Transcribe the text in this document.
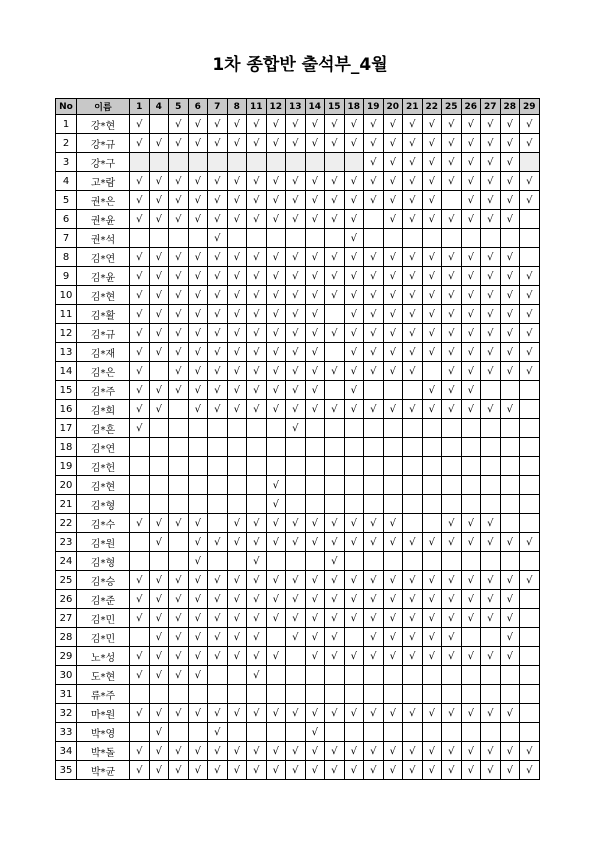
1차 종합반 출석부_4월
No	이름	1	4	5	6	7	8	11	12	13	14	15	18	19	20	21	22	25	26	27	28	29
1	강*현	√		√	√	√	√	√	√	√	√	√	√	√	√	√	√	√	√	√	√	√
2	강*규	√	√	√	√	√	√	√	√	√	√	√	√	√	√	√	√	√	√	√	√	√
3	강*구													√	√	√	√	√	√	√	√	
4	고*람	√	√	√	√	√	√	√	√	√	√	√	√	√	√	√	√	√	√	√	√	√
5	권*은	√	√	√	√	√	√	√	√	√	√	√	√	√	√	√	√		√	√	√	√
6	권*윤	√	√	√	√	√	√	√	√	√	√	√	√		√	√	√	√	√	√	√	
7	권*석					√							√									
8	김*연	√	√	√	√	√	√	√	√	√	√	√	√	√	√	√	√	√	√	√	√	
9	김*윤	√	√	√	√	√	√	√	√	√	√	√	√	√	√	√	√	√	√	√	√	√
10	김*현	√	√	√	√	√	√	√	√	√	√	√	√	√	√	√	√	√	√	√	√	√
11	김*활	√	√	√	√	√	√	√	√	√	√		√	√	√	√	√	√	√	√	√	√
12	김*규	√	√	√	√	√	√	√	√	√	√	√	√	√	√	√	√	√	√	√	√	√
13	김*재	√	√	√	√	√	√	√	√	√	√		√	√	√	√	√	√	√	√	√	√
14	김*은	√		√	√	√	√	√	√	√	√	√	√	√	√	√		√	√	√	√	√
15	김*주	√	√	√	√	√	√	√	√	√	√		√				√	√	√			
16	김*희	√	√		√	√	√	√	√	√	√	√	√	√	√	√	√	√	√	√	√	
17	김*흔	√								√												
18	김*연																					
19	김*헌																					
20	김*현								√													
21	김*형								√													
22	김*수	√	√	√	√		√	√	√	√	√	√	√	√	√			√	√	√		
23	김*원		√		√	√	√	√	√	√	√	√	√	√	√	√	√	√	√	√	√	√
24	김*형				√			√				√										
25	김*승	√	√	√	√	√	√	√	√	√	√	√	√	√	√	√	√	√	√	√	√	√
26	김*준	√	√	√	√	√	√	√	√	√	√	√	√	√	√	√	√	√	√	√	√	
27	김*민	√	√	√	√	√	√	√	√	√	√	√	√	√	√	√	√	√	√	√	√	
28	김*민		√	√	√	√	√	√		√	√	√		√	√	√	√	√			√	
29	노*성	√	√	√	√	√	√	√	√		√	√	√	√	√	√	√	√	√	√	√	
30	도*현	√	√	√	√			√														
31	류*주																					
32	마*원	√	√	√	√	√	√	√	√	√	√	√	√	√	√	√	√	√	√	√	√	
33	박*영		√			√					√											
34	박*돌	√	√	√	√	√	√	√	√	√	√	√	√	√	√	√	√	√	√	√	√	√
35	박*균	√	√	√	√	√	√	√	√	√	√	√	√	√	√	√	√	√	√	√	√	√
